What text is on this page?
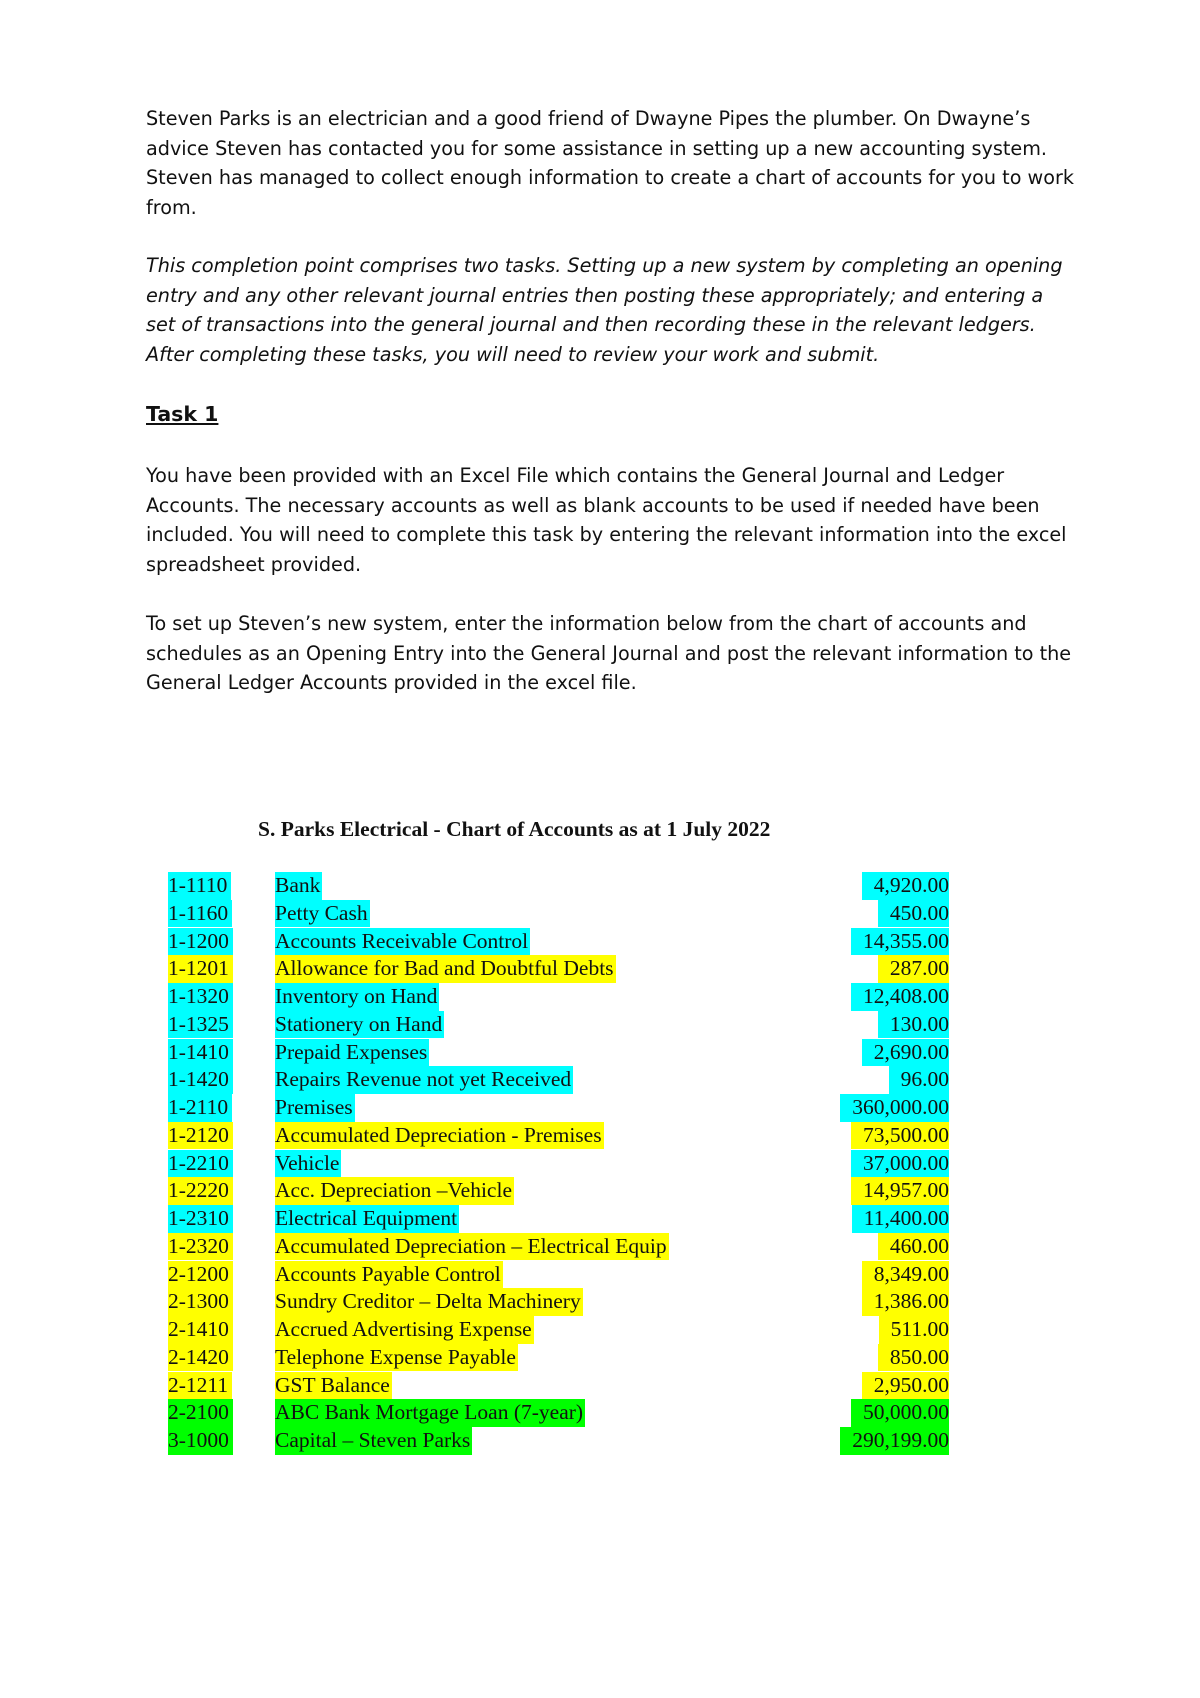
Steven Parks is an electrician and a good friend of Dwayne Pipes the plumber. On Dwayne’s advice Steven has contacted you for some assistance in setting up a new accounting system. Steven has managed to collect enough information to create a chart of accounts for you to work from.

This completion point comprises two tasks. Setting up a new system by completing an opening entry and any other relevant journal entries then posting these appropriately; and entering a set of transactions into the general journal and then recording these in the relevant ledgers. After completing these tasks, you will need to review your work and submit.

Task 1

You have been provided with an Excel File which contains the General Journal and Ledger Accounts. The necessary accounts as well as blank accounts to be used if needed have been included. You will need to complete this task by entering the relevant information into the excel spreadsheet provided.

To set up Steven’s new system, enter the information below from the chart of accounts and schedules as an Opening Entry into the General Journal and post the relevant information to the General Ledger Accounts provided in the excel file.

S. Parks Electrical - Chart of Accounts as at 1 July 2022
1-1110 Bank	4,920.00
1-1160 Petty Cash	450.00
1-1200 Accounts Receivable Control	14,355.00
1-1201 Allowance for Bad and Doubtful Debts	287.00
1-1320 Inventory on Hand	12,408.00
1-1325 Stationery on Hand	130.00
1-1410 Prepaid Expenses	2,690.00
1-1420 Repairs Revenue not yet Received	96.00
1-2110 Premises	360,000.00
1-2120 Accumulated Depreciation - Premises	73,500.00
1-2210 Vehicle	37,000.00
1-2220 Acc. Depreciation –Vehicle	14,957.00
1-2310 Electrical Equipment	11,400.00
1-2320 Accumulated Depreciation – Electrical Equip	460.00
2-1200 Accounts Payable Control	8,349.00
2-1300 Sundry Creditor – Delta Machinery	1,386.00
2-1410 Accrued Advertising Expense	511.00
2-1420 Telephone Expense Payable	850.00
2-1211 GST Balance	2,950.00
2-2100 ABC Bank Mortgage Loan (7-year)	50,000.00
3-1000 Capital – Steven Parks	290,199.00
